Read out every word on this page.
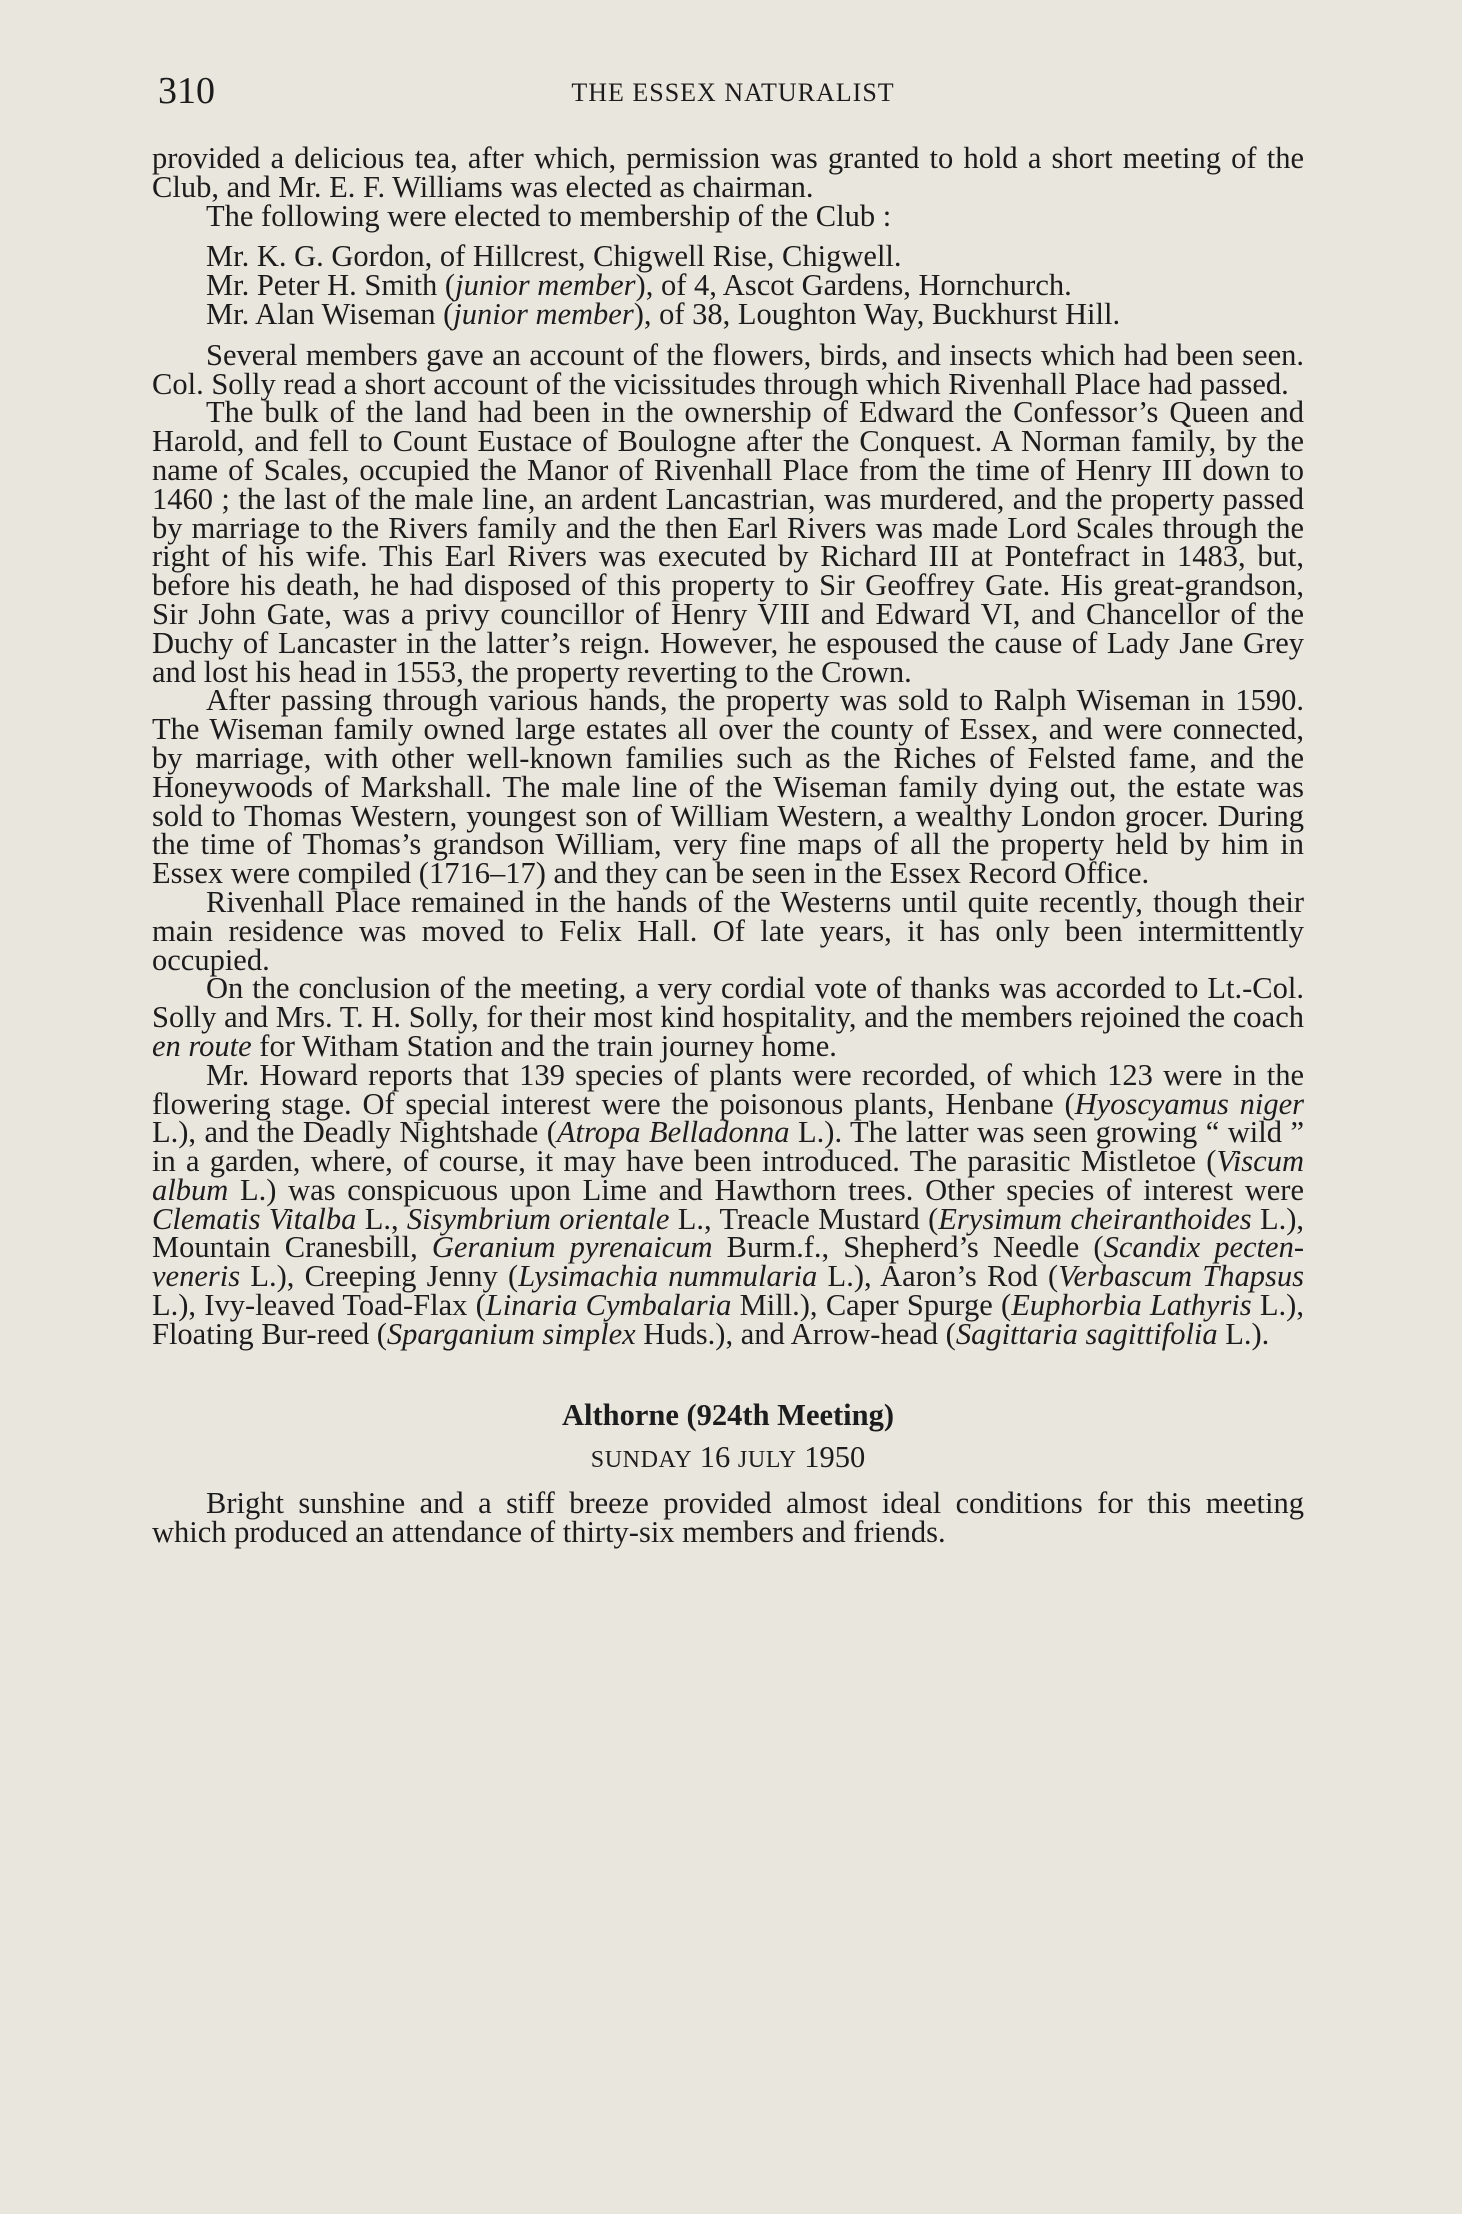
310	THE ESSEX NATURALIST

provided a delicious tea, after which, permission was granted to hold a short meeting of the Club, and Mr. E. F. Williams was elected as chairman.

The following were elected to membership of the Club :

Mr. K. G. Gordon, of Hillcrest, Chigwell Rise, Chigwell.

Mr. Peter H. Smith (junior member), of 4, Ascot Gardens, Hornchurch.

Mr. Alan Wiseman (junior member), of 38, Loughton Way, Buckhurst Hill.

Several members gave an account of the flowers, birds, and insects which had been seen. Col. Solly read a short account of the vicissitudes through which Rivenhall Place had passed.

The bulk of the land had been in the ownership of Edward the Confessor’s Queen and Harold, and fell to Count Eustace of Boulogne after the Conquest. A Norman family, by the name of Scales, occupied the Manor of Rivenhall Place from the time of Henry III down to 1460 ; the last of the male line, an ardent Lancastrian, was murdered, and the property passed by marriage to the Rivers family and the then Earl Rivers was made Lord Scales through the right of his wife. This Earl Rivers was executed by Richard III at Pontefract in 1483, but, before his death, he had disposed of this property to Sir Geoffrey Gate. His great-grandson, Sir John Gate, was a privy councillor of Henry VIII and Edward VI, and Chancellor of the Duchy of Lancaster in the latter’s reign. However, he espoused the cause of Lady Jane Grey and lost his head in 1553, the property reverting to the Crown.

After passing through various hands, the property was sold to Ralph Wiseman in 1590. The Wiseman family owned large estates all over the county of Essex, and were connected, by marriage, with other well-known families such as the Riches of Felsted fame, and the Honeywoods of Markshall. The male line of the Wiseman family dying out, the estate was sold to Thomas Western, youngest son of William Western, a wealthy London grocer. During the time of Thomas’s grandson William, very fine maps of all the property held by him in Essex were compiled (1716–17) and they can be seen in the Essex Record Office.

Rivenhall Place remained in the hands of the Westerns until quite recently, though their main residence was moved to Felix Hall. Of late years, it has only been intermittently occupied.

On the conclusion of the meeting, a very cordial vote of thanks was accorded to Lt.-Col. Solly and Mrs. T. H. Solly, for their most kind hospitality, and the members rejoined the coach en route for Witham Station and the train journey home.

Mr. Howard reports that 139 species of plants were recorded, of which 123 were in the flowering stage. Of special interest were the poisonous plants, Henbane (Hyoscyamus niger L.), and the Deadly Nightshade (Atropa Belladonna L.). The latter was seen growing “ wild ” in a garden, where, of course, it may have been introduced. The parasitic Mistletoe (Viscum album L.) was conspicuous upon Lime and Hawthorn trees. Other species of interest were Clematis Vitalba L., Sisymbrium orientale L., Treacle Mustard (Erysimum cheiranthoides L.), Mountain Cranesbill, Geranium pyrenaicum Burm.f., Shepherd’s Needle (Scandix pecten-veneris L.), Creeping Jenny (Lysimachia nummularia L.), Aaron’s Rod (Verbascum Thapsus L.), Ivy-leaved Toad-Flax (Linaria Cymbalaria Mill.), Caper Spurge (Euphorbia Lathyris L.), Floating Bur-reed (Sparganium simplex Huds.), and Arrow-head (Sagittaria sagittifolia L.).

Althorne (924th Meeting)

SUNDAY 16 JULY 1950

Bright sunshine and a stiff breeze provided almost ideal conditions for this meeting which produced an attendance of thirty-six members and friends.
